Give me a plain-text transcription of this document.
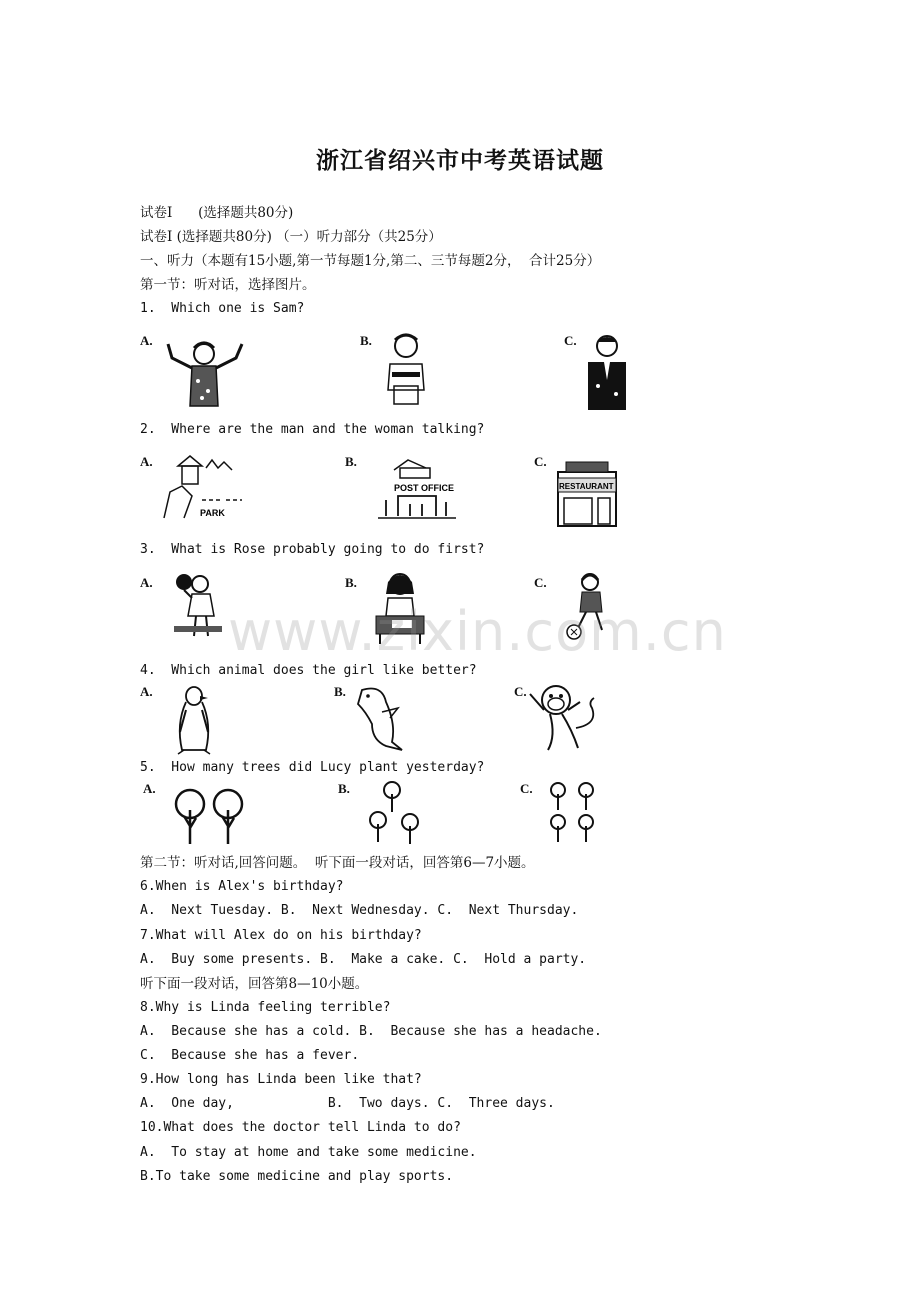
浙江省绍兴市中考英语试题
试卷Ⅰ      (选择题共80分)
试卷Ⅰ (选择题共80分) （一）听力部分（共25分）
一、听力（本题有15小题,第一节每题1分,第二、三节每题2分，  合计25分）
第一节：听对话，选择图片。
1.  Which one is Sam?
A.	B.	C.
2.  Where are the man and the woman talking?
A.	B.	C.
PARK
POST OFFICE	RESTAURANT
3.  What is Rose probably going to do first?
A.	B.	C.
4.  Which animal does the girl like better?
A.	B.	C.
5.  How many trees did Lucy plant yesterday?
A.	B.	C.
第二节：听对话,回答问题。  听下面一段对话，回答第6—7小题。
6.When is Alex's birthday?
A.  Next Tuesday. B.  Next Wednesday. C.  Next Thursday.
7.What will Alex do on his birthday?
A.  Buy some presents. B.  Make a cake. C.  Hold a party.
听下面一段对话，回答第8—10小题。
8.Why is Linda feeling terrible?
A.  Because she has a cold. B.  Because she has a headache.
C.  Because she has a fever.
9.How long has Linda been like that?
A.  One day,            B.  Two days. C.  Three days.
10.What does the doctor tell Linda to do?
A.  To stay at home and take some medicine.
B.To take some medicine and play sports.
www.zixin.com.cn
